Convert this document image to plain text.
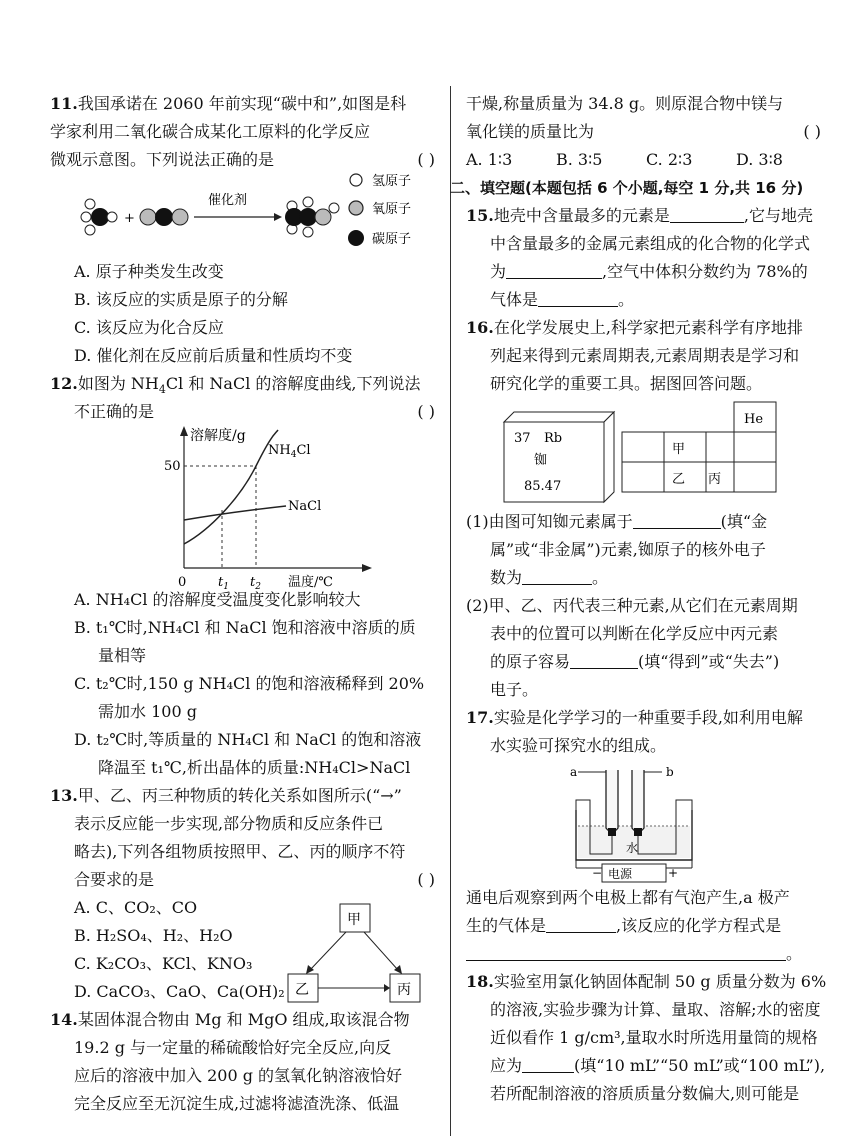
11.我国承诺在 2060 年前实现“碳中和”,如图是科
学家利用二氧化碳合成某化工原料的化学反应
微观示意图。下列说法正确的是	( )
氢原子
氧原子
碳原子
+
催化剂
A. 原子种类发生改变
B. 该反应的实质是原子的分解
C. 该反应为化合反应
D. 催化剂在反应前后质量和性质均不变
12.如图为 $NH_4Cl$ 和 NaCl 的溶解度曲线,下列说法
不正确的是	( )
溶解度/g
50
0 $t_1$ $t_2$ 温度/℃
$NH_4Cl$
NaCl
A. NH₄Cl 的溶解度受温度变化影响较大
B. t₁℃时,NH₄Cl 和 NaCl 饱和溶液中溶质的质
量相等
C. t₂℃时,150 g NH₄Cl 的饱和溶液稀释到 20%
需加水 100 g
D. t₂℃时,等质量的 NH₄Cl 和 NaCl 的饱和溶液
降温至 t₁℃,析出晶体的质量:NH₄Cl>NaCl
13.甲、乙、丙三种物质的转化关系如图所示(“→”
表示反应能一步实现,部分物质和反应条件已
略去),下列各组物质按照甲、乙、丙的顺序不符
合要求的是	( )
A. C、CO₂、CO
B. H₂SO₄、H₂、H₂O
C. K₂CO₃、KCl、KNO₃
D. CaCO₃、CaO、Ca(OH)₂
甲
乙	丙
14.某固体混合物由 Mg 和 MgO 组成,取该混合物
19.2 g 与一定量的稀硫酸恰好完全反应,向反
应后的溶液中加入 200 g 的氢氧化钠溶液恰好
完全反应至无沉淀生成,过滤将滤渣洗涤、低温
干燥,称量质量为 34.8 g。则原混合物中镁与
氧化镁的质量比为	( )
A. 1∶3	B. 3∶5	C. 2∶3	D. 3∶8
二、填空题(本题包括 6 个小题,每空 1 分,共 16 分)
15.地壳中含量最多的元素是	,它与地壳
中含量最多的金属元素组成的化合物的化学式
为	,空气中体积分数约为 78%的
气体是	。
16.在化学发展史上,科学家把元素科学有序地排
列起来得到元素周期表,元素周期表是学习和
研究化学的重要工具。据图回答问题。
37 Rb
铷
85.47
He
甲
乙 丙
(1)由图可知铷元素属于	(填“金
属”或“非金属”)元素,铷原子的核外电子
数为	。
(2)甲、乙、丙代表三种元素,从它们在元素周期
表中的位置可以判断在化学反应中丙元素
的原子容易	(填“得到”或“失去”)
电子。
17.实验是化学学习的一种重要手段,如利用电解
水实验可探究水的组成。
a	b
水
电源
−	+
通电后观察到两个电极上都有气泡产生,a 极产
生的气体是	,该反应的化学方程式是
。
18.实验室用氯化钠固体配制 50 g 质量分数为 6%
的溶液,实验步骤为计算、量取、溶解;水的密度
近似看作 1 g/cm³,量取水时所选用量筒的规格
应为	(填“10 mL”“50 mL”或“100 mL”),
若所配制溶液的溶质质量分数偏大,则可能是
